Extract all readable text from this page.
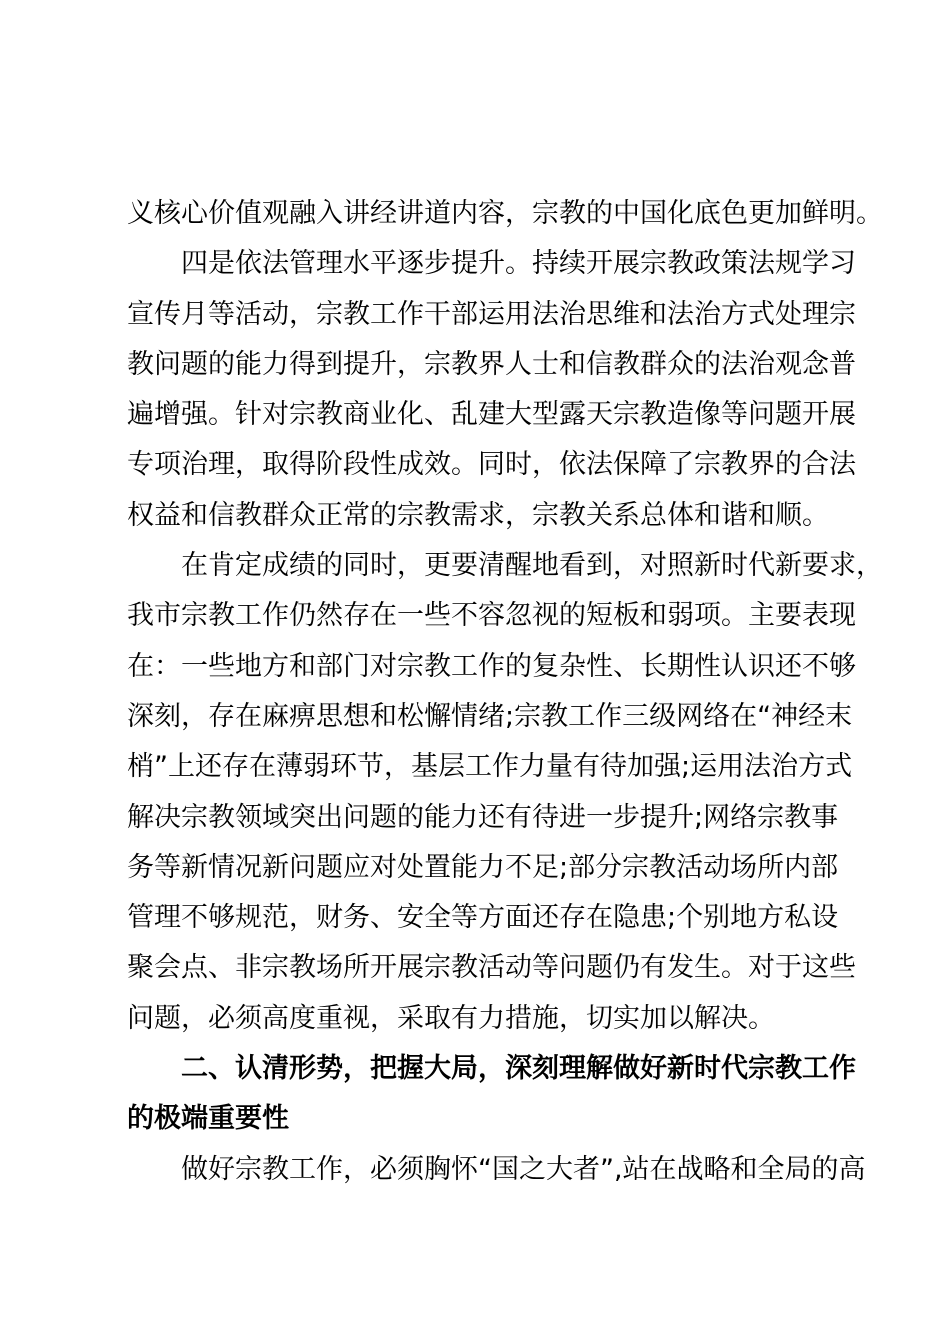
义核心价值观融入讲经讲道内容，宗教的中国化底色更加鲜明。
四是依法管理水平逐步提升。持续开展宗教政策法规学习
宣传月等活动，宗教工作干部运用法治思维和法治方式处理宗
教问题的能力得到提升，宗教界人士和信教群众的法治观念普
遍增强。针对宗教商业化、乱建大型露天宗教造像等问题开展
专项治理，取得阶段性成效。同时，依法保障了宗教界的合法
权益和信教群众正常的宗教需求，宗教关系总体和谐和顺。
在肯定成绩的同时，更要清醒地看到，对照新时代新要求，
我市宗教工作仍然存在一些不容忽视的短板和弱项。主要表现
在：一些地方和部门对宗教工作的复杂性、长期性认识还不够
深刻，存在麻痹思想和松懈情绪;宗教工作三级网络在“神经末
梢”上还存在薄弱环节，基层工作力量有待加强;运用法治方式
解决宗教领域突出问题的能力还有待进一步提升;网络宗教事
务等新情况新问题应对处置能力不足;部分宗教活动场所内部
管理不够规范，财务、安全等方面还存在隐患;个别地方私设
聚会点、非宗教场所开展宗教活动等问题仍有发生。对于这些
问题，必须高度重视，采取有力措施，切实加以解决。
二、认清形势，把握大局，深刻理解做好新时代宗教工作
的极端重要性
做好宗教工作，必须胸怀“国之大者”,站在战略和全局的高
